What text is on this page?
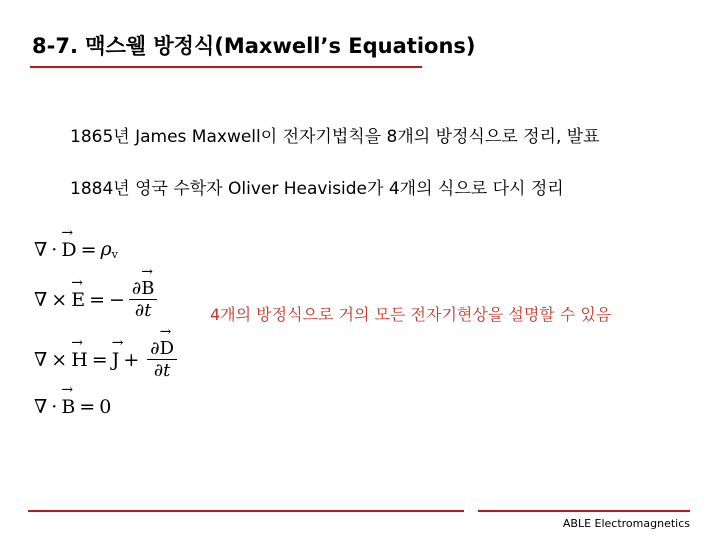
8-7. 맥스웰 방정식(Maxwell’s Equations)
1865년 James Maxwell이 전자기법칙을 8개의 방정식으로 정리, 발표
1884년 영국 수학자 Oliver Heaviside가 4개의 식으로 다시 정리
∇ · → $D = \rho_v$
∇ × → E = − $\frac{\partial\to B}{\partial t}$
∇ × → H = → $J + \frac{\partial\to D}{\partial t}$
∇ · → B = 0
4개의 방정식으로 거의 모든 전자기현상을 설명할 수 있음
ABLE Electromagnetics
